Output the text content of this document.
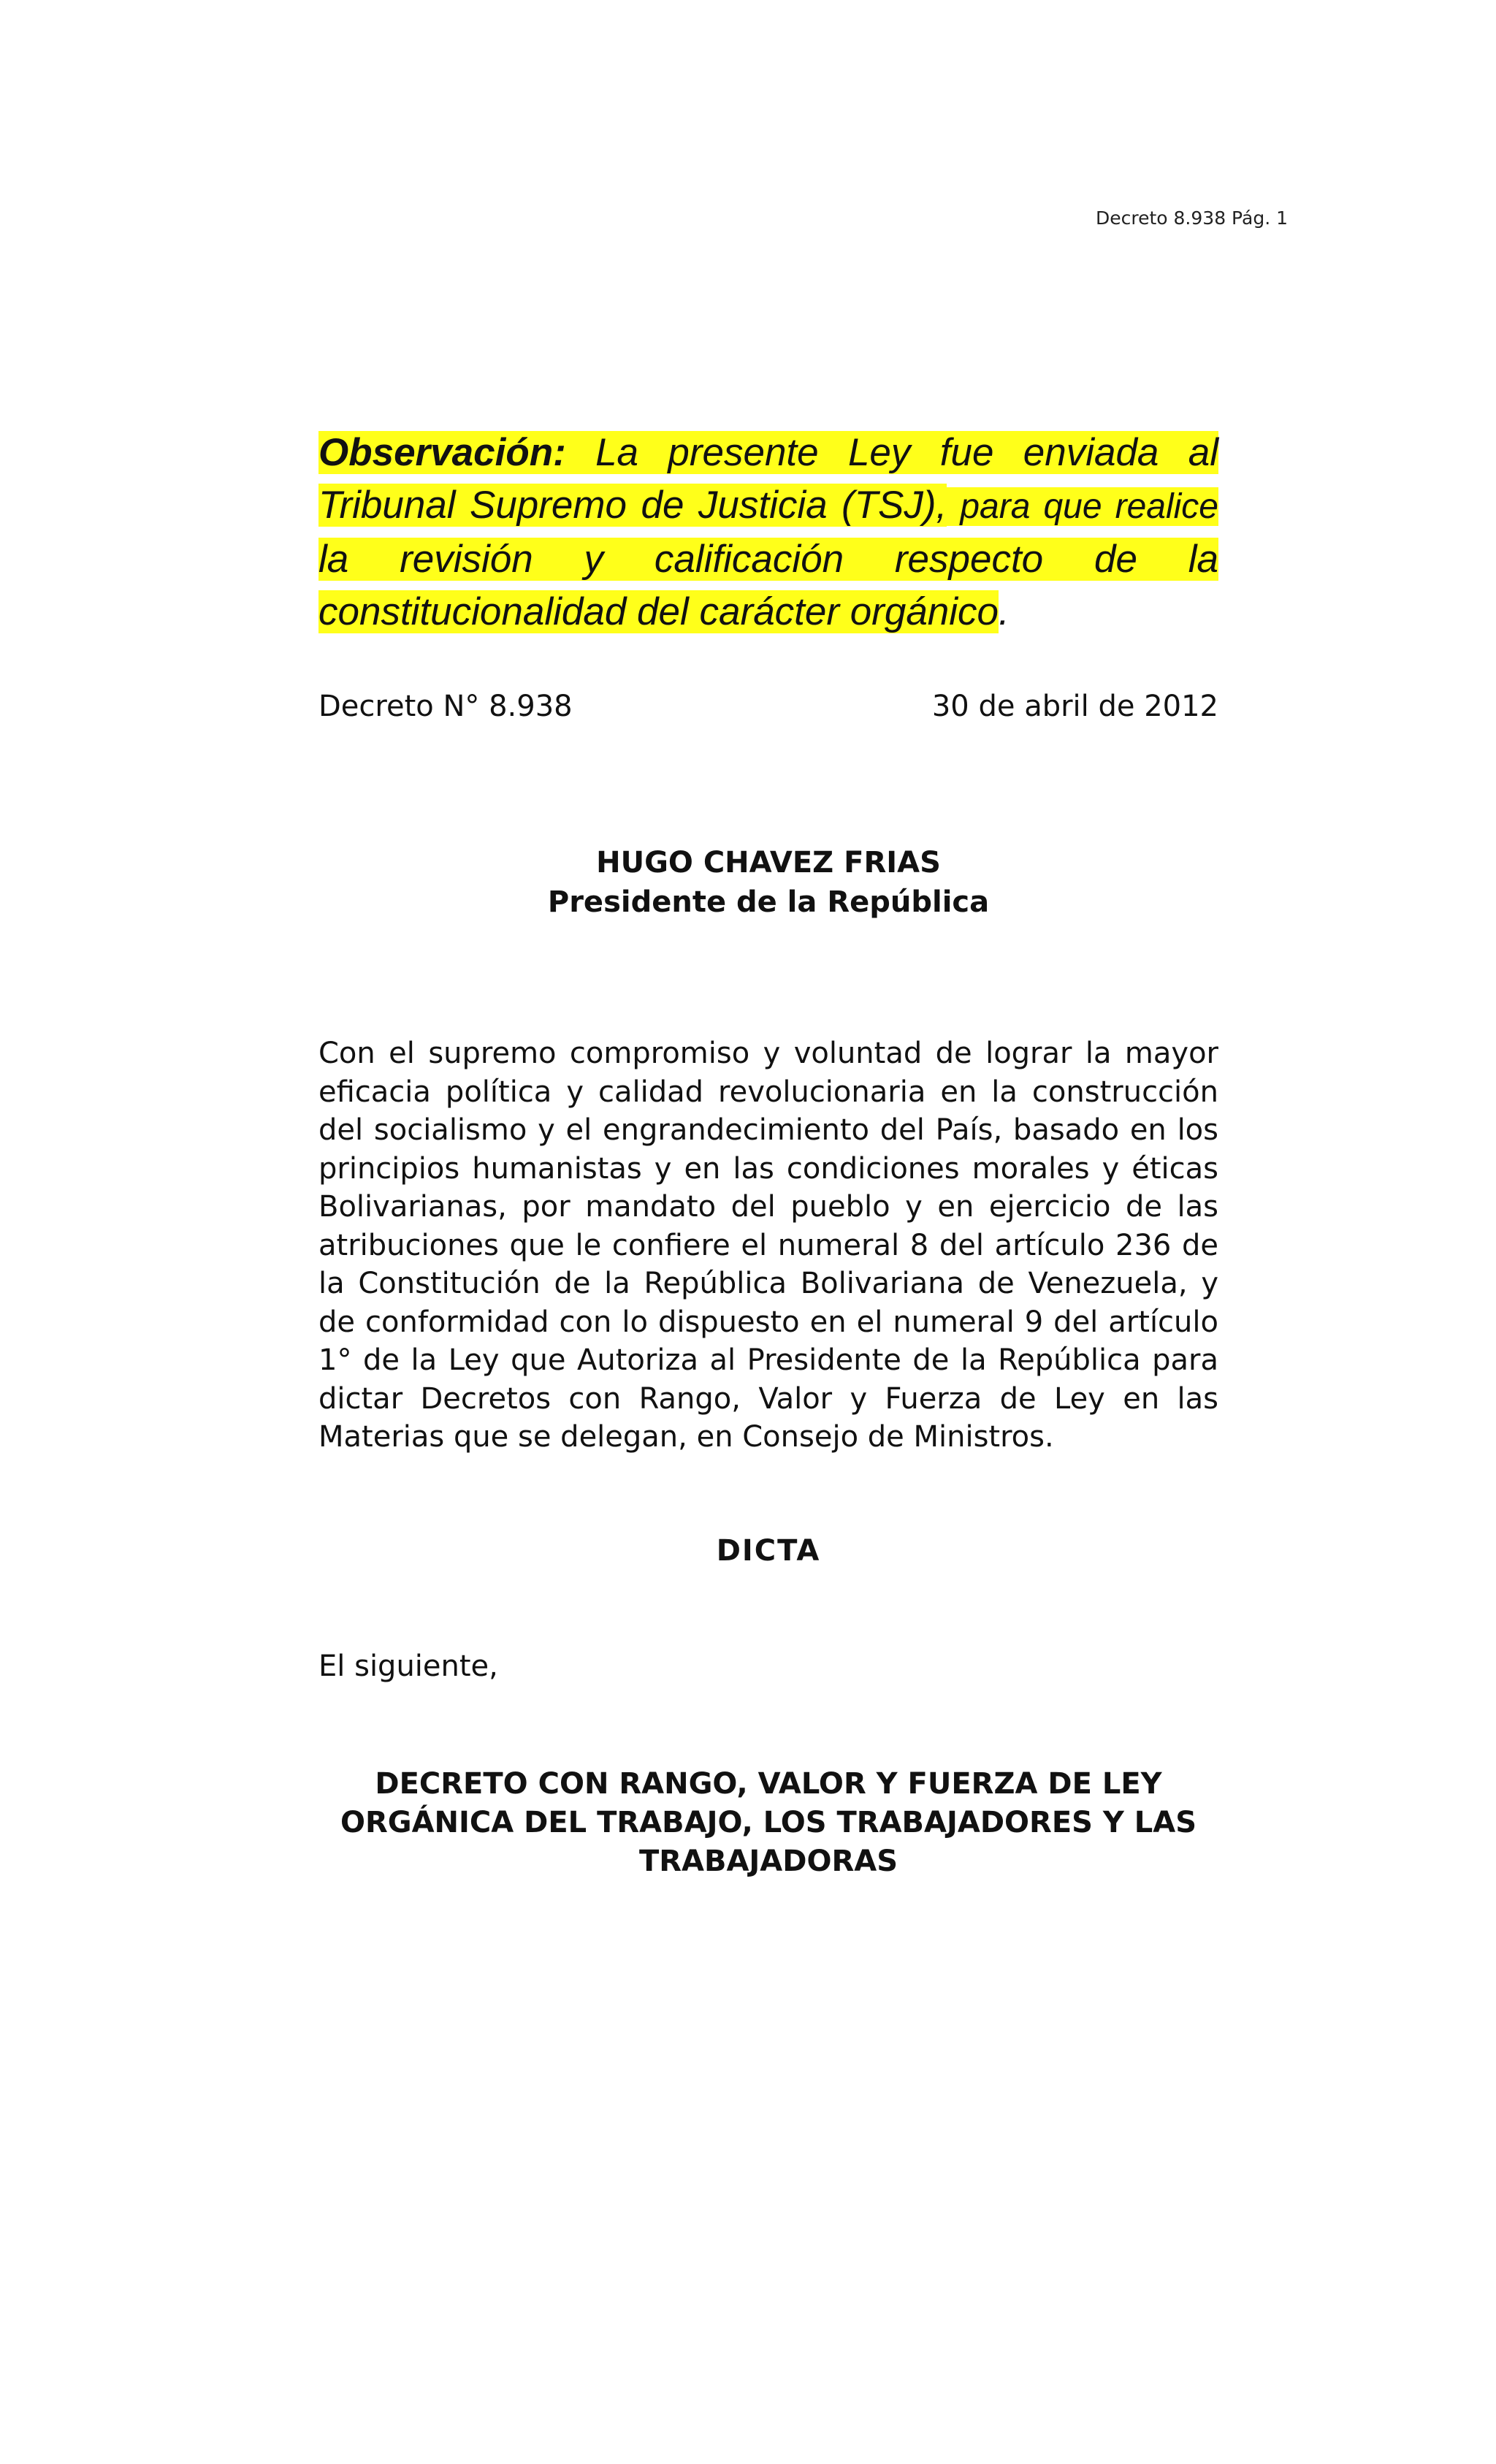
Decreto 8.938 Pág. 1
Observación: La presente Ley fue enviada al Tribunal Supremo de Justicia (TSJ), para que realice la revisión y calificación respecto de la constitucionalidad del carácter orgánico.
Decreto N° 8.938	30 de abril de 2012
HUGO CHAVEZ FRIAS
Presidente de la República
Con el supremo compromiso y voluntad de lograr la mayor eficacia política y calidad revolucionaria en la construcción del socialismo y el engrandecimiento del País, basado en los principios humanistas y en las condiciones morales y éticas Bolivarianas, por mandato del pueblo y en ejercicio de las atribuciones que le confiere el numeral 8 del artículo 236 de la Constitución de la República Bolivariana de Venezuela, y de conformidad con lo dispuesto en el numeral 9 del artículo 1° de la Ley que Autoriza al Presidente de la República para dictar Decretos con Rango, Valor y Fuerza de Ley en las Materias que se delegan, en Consejo de Ministros.
DICTA
El siguiente,
DECRETO CON RANGO, VALOR Y FUERZA DE LEY
ORGÁNICA DEL TRABAJO, LOS TRABAJADORES Y LAS
TRABAJADORAS
